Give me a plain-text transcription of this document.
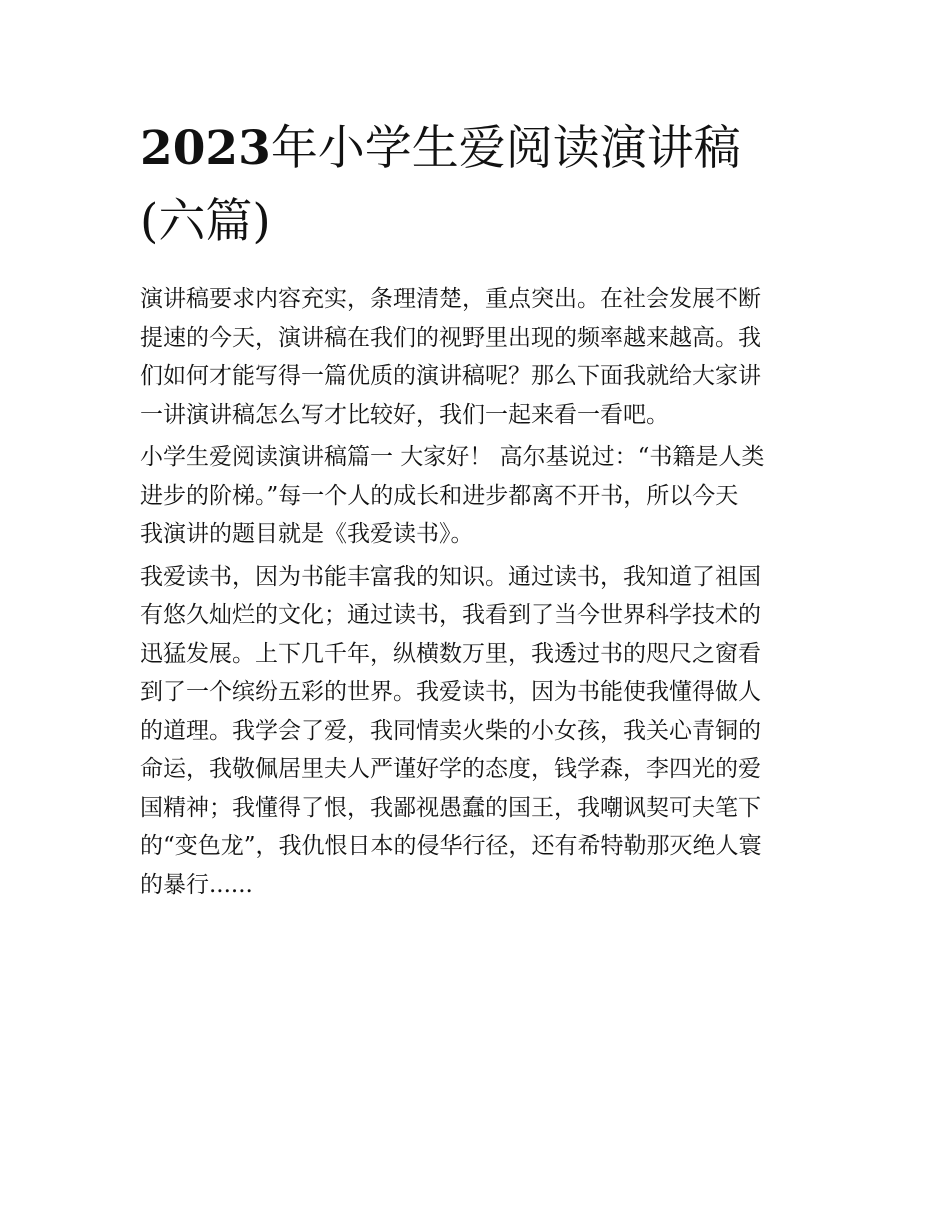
2023年小学生爱阅读演讲稿
(六篇)

演讲稿要求内容充实，条理清楚，重点突出。在社会发展不断
提速的今天，演讲稿在我们的视野里出现的频率越来越高。我
们如何才能写得一篇优质的演讲稿呢？那么下面我就给大家讲
一讲演讲稿怎么写才比较好，我们一起来看一看吧。

小学生爱阅读演讲稿篇一 大家好！ 高尔基说过：“书籍是人类
进步的阶梯。”每一个人的成长和进步都离不开书，所以今天
我演讲的题目就是《我爱读书》。

我爱读书，因为书能丰富我的知识。通过读书，我知道了祖国
有悠久灿烂的文化；通过读书，我看到了当今世界科学技术的
迅猛发展。上下几千年，纵横数万里，我透过书的咫尺之窗看
到了一个缤纷五彩的世界。我爱读书，因为书能使我懂得做人
的道理。我学会了爱，我同情卖火柴的小女孩，我关心青铜的
命运，我敬佩居里夫人严谨好学的态度，钱学森，李四光的爱
国精神；我懂得了恨，我鄙视愚蠢的国王，我嘲讽契可夫笔下
的“变色龙”，我仇恨日本的侵华行径，还有希特勒那灭绝人寰
的暴行......
